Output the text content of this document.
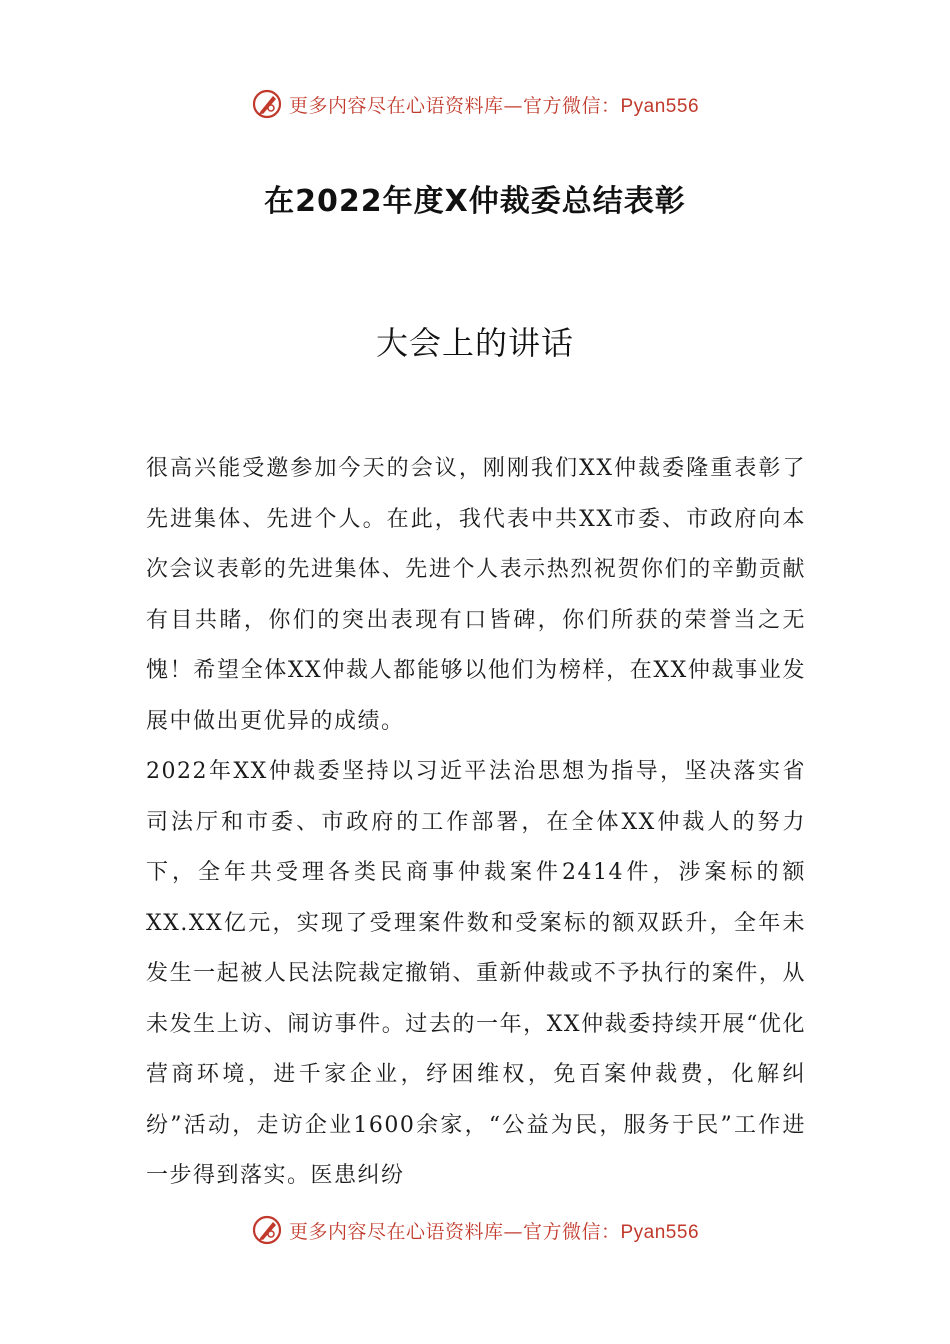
更多内容尽在心语资料库—官方微信：Pyan556
在2022年度X仲裁委总结表彰
大会上的讲话

很高兴能受邀参加今天的会议，刚刚我们XX仲裁委隆重表彰了先进集体、先进个人。在此，我代表中共XX市委、市政府向本次会议表彰的先进集体、先进个人表示热烈祝贺你们的辛勤贡献有目共睹，你们的突出表现有口皆碑，你们所获的荣誉当之无愧！希望全体XX仲裁人都能够以他们为榜样，在XX仲裁事业发展中做出更优异的成绩。

2022年XX仲裁委坚持以习近平法治思想为指导，坚决落实省司法厅和市委、市政府的工作部署，在全体XX仲裁人的努力下，全年共受理各类民商事仲裁案件2414件，涉案标的额XX.XX亿元，实现了受理案件数和受案标的额双跃升，全年未发生一起被人民法院裁定撤销、重新仲裁或不予执行的案件，从未发生上访、闹访事件。过去的一年，XX仲裁委持续开展“优化营商环境，进千家企业，纾困维权，免百案仲裁费，化解纠纷”活动，走访企业1600余家，“公益为民，服务于民”工作进一步得到落实。医患纠纷

更多内容尽在心语资料库—官方微信：Pyan556
